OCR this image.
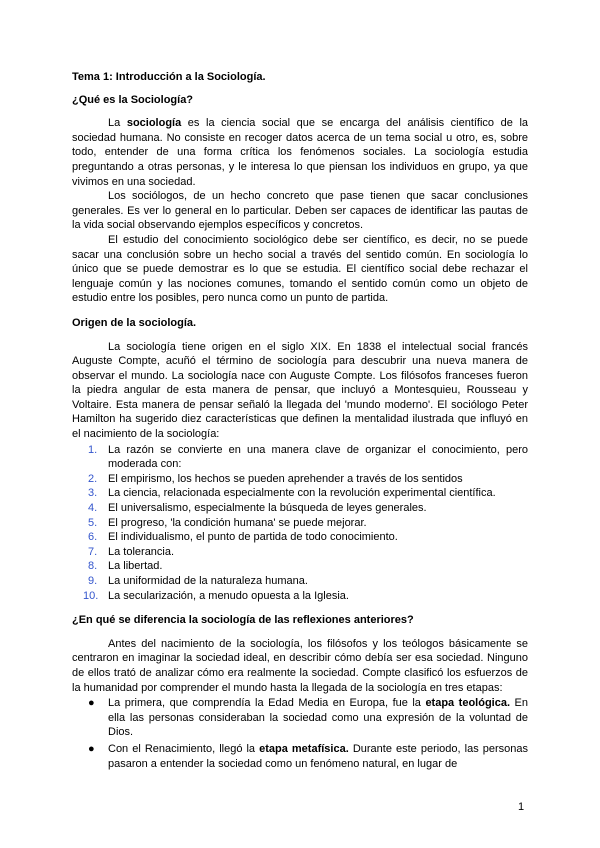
Tema 1: Introducción a la Sociología.
¿Qué es la Sociología?

La sociología es la ciencia social que se encarga del análisis científico de la sociedad humana. No consiste en recoger datos acerca de un tema social u otro, es, sobre todo, entender de una forma crítica los fenómenos sociales. La sociología estudia preguntando a otras personas, y le interesa lo que piensan los individuos en grupo, ya que vivimos en una sociedad.

Los sociólogos, de un hecho concreto que pase tienen que sacar conclusiones generales. Es ver lo general en lo particular. Deben ser capaces de identificar las pautas de la vida social observando ejemplos específicos y concretos.

El estudio del conocimiento sociológico debe ser científico, es decir, no se puede sacar una conclusión sobre un hecho social a través del sentido común. En sociología lo único que se puede demostrar es lo que se estudia. El científico social debe rechazar el lenguaje común y las nociones comunes, tomando el sentido común como un objeto de estudio entre los posibles, pero nunca como un punto de partida.

Origen de la sociología.

La sociología tiene origen en el siglo XIX. En 1838 el intelectual social francés Auguste Compte, acuñó el término de sociología para descubrir una nueva manera de observar el mundo. La sociología nace con Auguste Compte. Los filósofos franceses fueron la piedra angular de esta manera de pensar, que incluyó a Montesquieu, Rousseau y Voltaire. Esta manera de pensar señaló la llegada del 'mundo moderno'. El sociólogo Peter Hamilton ha sugerido diez características que definen la mentalidad ilustrada que influyó en el nacimiento de la sociología:

1. La razón se convierte en una manera clave de organizar el conocimiento, pero moderada con:
2. El empirismo, los hechos se pueden aprehender a través de los sentidos
3. La ciencia, relacionada especialmente con la revolución experimental científica.
4. El universalismo, especialmente la búsqueda de leyes generales.
5. El progreso, 'la condición humana' se puede mejorar.
6. El individualismo, el punto de partida de todo conocimiento.
7. La tolerancia.
8. La libertad.
9. La uniformidad de la naturaleza humana.
10. La secularización, a menudo opuesta a la Iglesia.
¿En qué se diferencia la sociología de las reflexiones anteriores?

Antes del nacimiento de la sociología, los filósofos y los teólogos básicamente se centraron en imaginar la sociedad ideal, en describir cómo debía ser esa sociedad. Ninguno de ellos trató de analizar cómo era realmente la sociedad. Compte clasificó los esfuerzos de la humanidad por comprender el mundo hasta la llegada de la sociología en tres etapas:

● La primera, que comprendía la Edad Media en Europa, fue la etapa teológica. En ella las personas consideraban la sociedad como una expresión de la voluntad de Dios.
● Con el Renacimiento, llegó la etapa metafísica. Durante este periodo, las personas pasaron a entender la sociedad como un fenómeno natural, en lugar de
1
